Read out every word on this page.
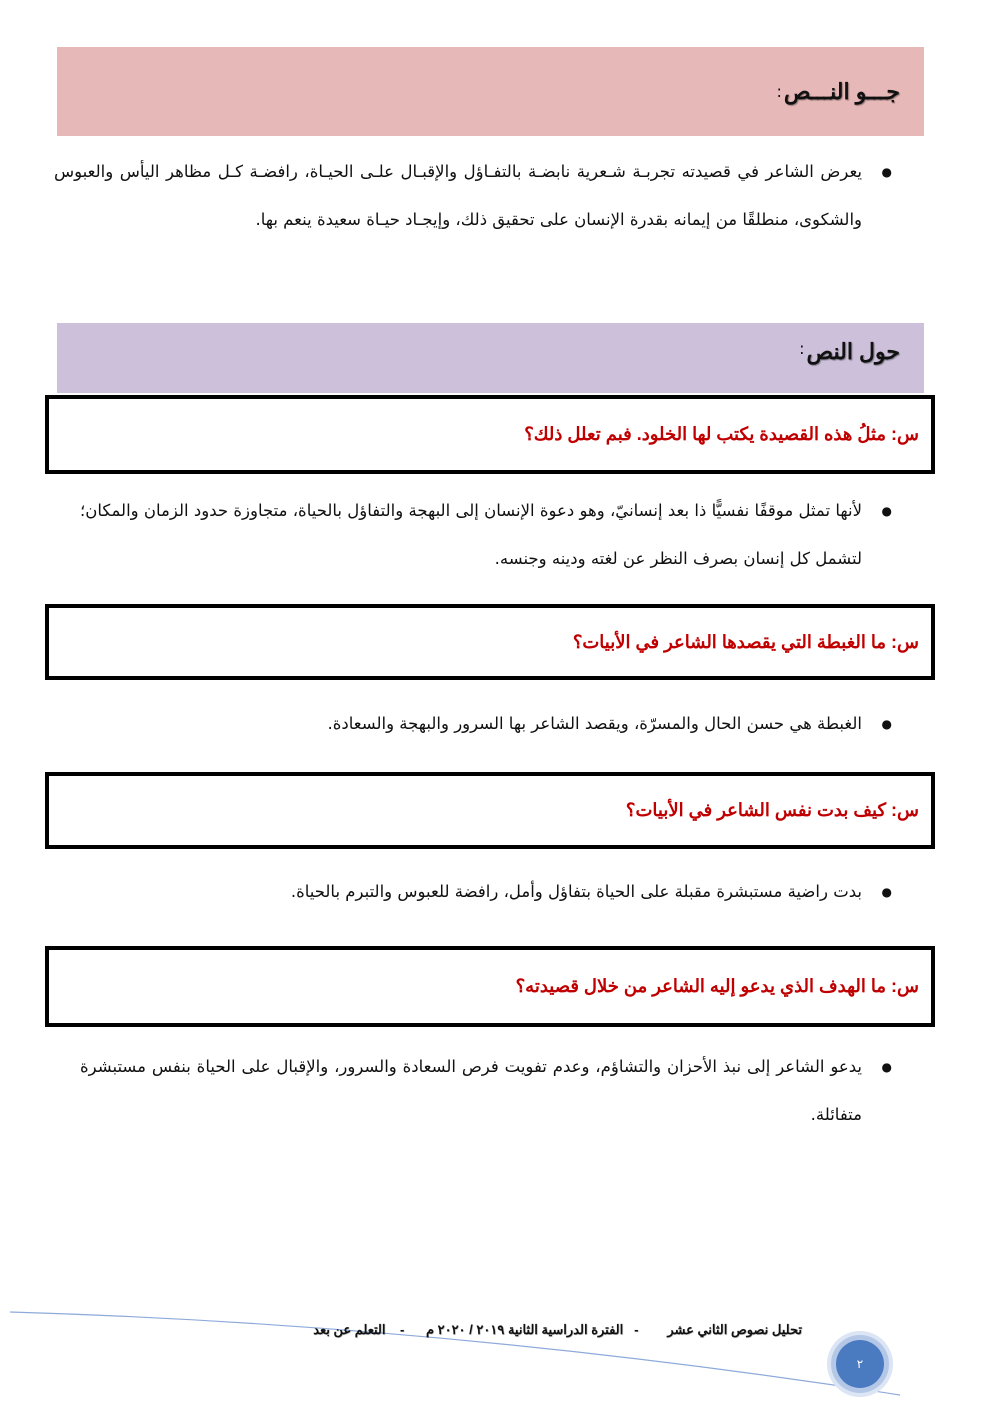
جـــو النـــص
:
●
يعرض الشاعر في قصيدته تجربـة شـعرية نابضـة بالتفـاؤل والإقبـال علـى الحيـاة، رافضـة كـل مظاهر اليأس والعبوس والشكوى، منطلقًا من إيمانه بقدرة الإنسان على تحقيق ذلك، وإيجـاد حيـاة سعيدة ينعم بها.
حول النص
:
س: مثلُ هذه القصيدة يكتب لها الخلود. فبم تعلل ذلك؟
●
لأنها تمثل موقفًا نفسيًّا ذا بعد إنسانيّ، وهو دعوة الإنسان إلى البهجة والتفاؤل بالحياة، متجاوزة حدود الزمان والمكان؛ لتشمل كل إنسان بصرف النظر عن لغته ودينه وجنسه.
س: ما الغبطة التي يقصدها الشاعر في الأبيات؟
●
الغبطة هي حسن الحال والمسرّة، ويقصد الشاعر بها السرور والبهجة والسعادة.
س: كيف بدت نفس الشاعر في الأبيات؟
●
بدت راضية مستبشرة مقبلة على الحياة بتفاؤل وأمل، رافضة للعبوس والتبرم بالحياة.
س: ما الهدف الذي يدعو إليه الشاعر من خلال قصيدته؟
●
يدعو الشاعر إلى نبذ الأحزان والتشاؤم، وعدم تفويت فرص السعادة والسرور، والإقبال على الحياة بنفس مستبشرة متفائلة.
تحليل نصوص الثاني عشر        -   الفترة الدراسية الثانية ٢٠١٩ / ٢٠٢٠ م      -    التعلم عن بعد
٢
